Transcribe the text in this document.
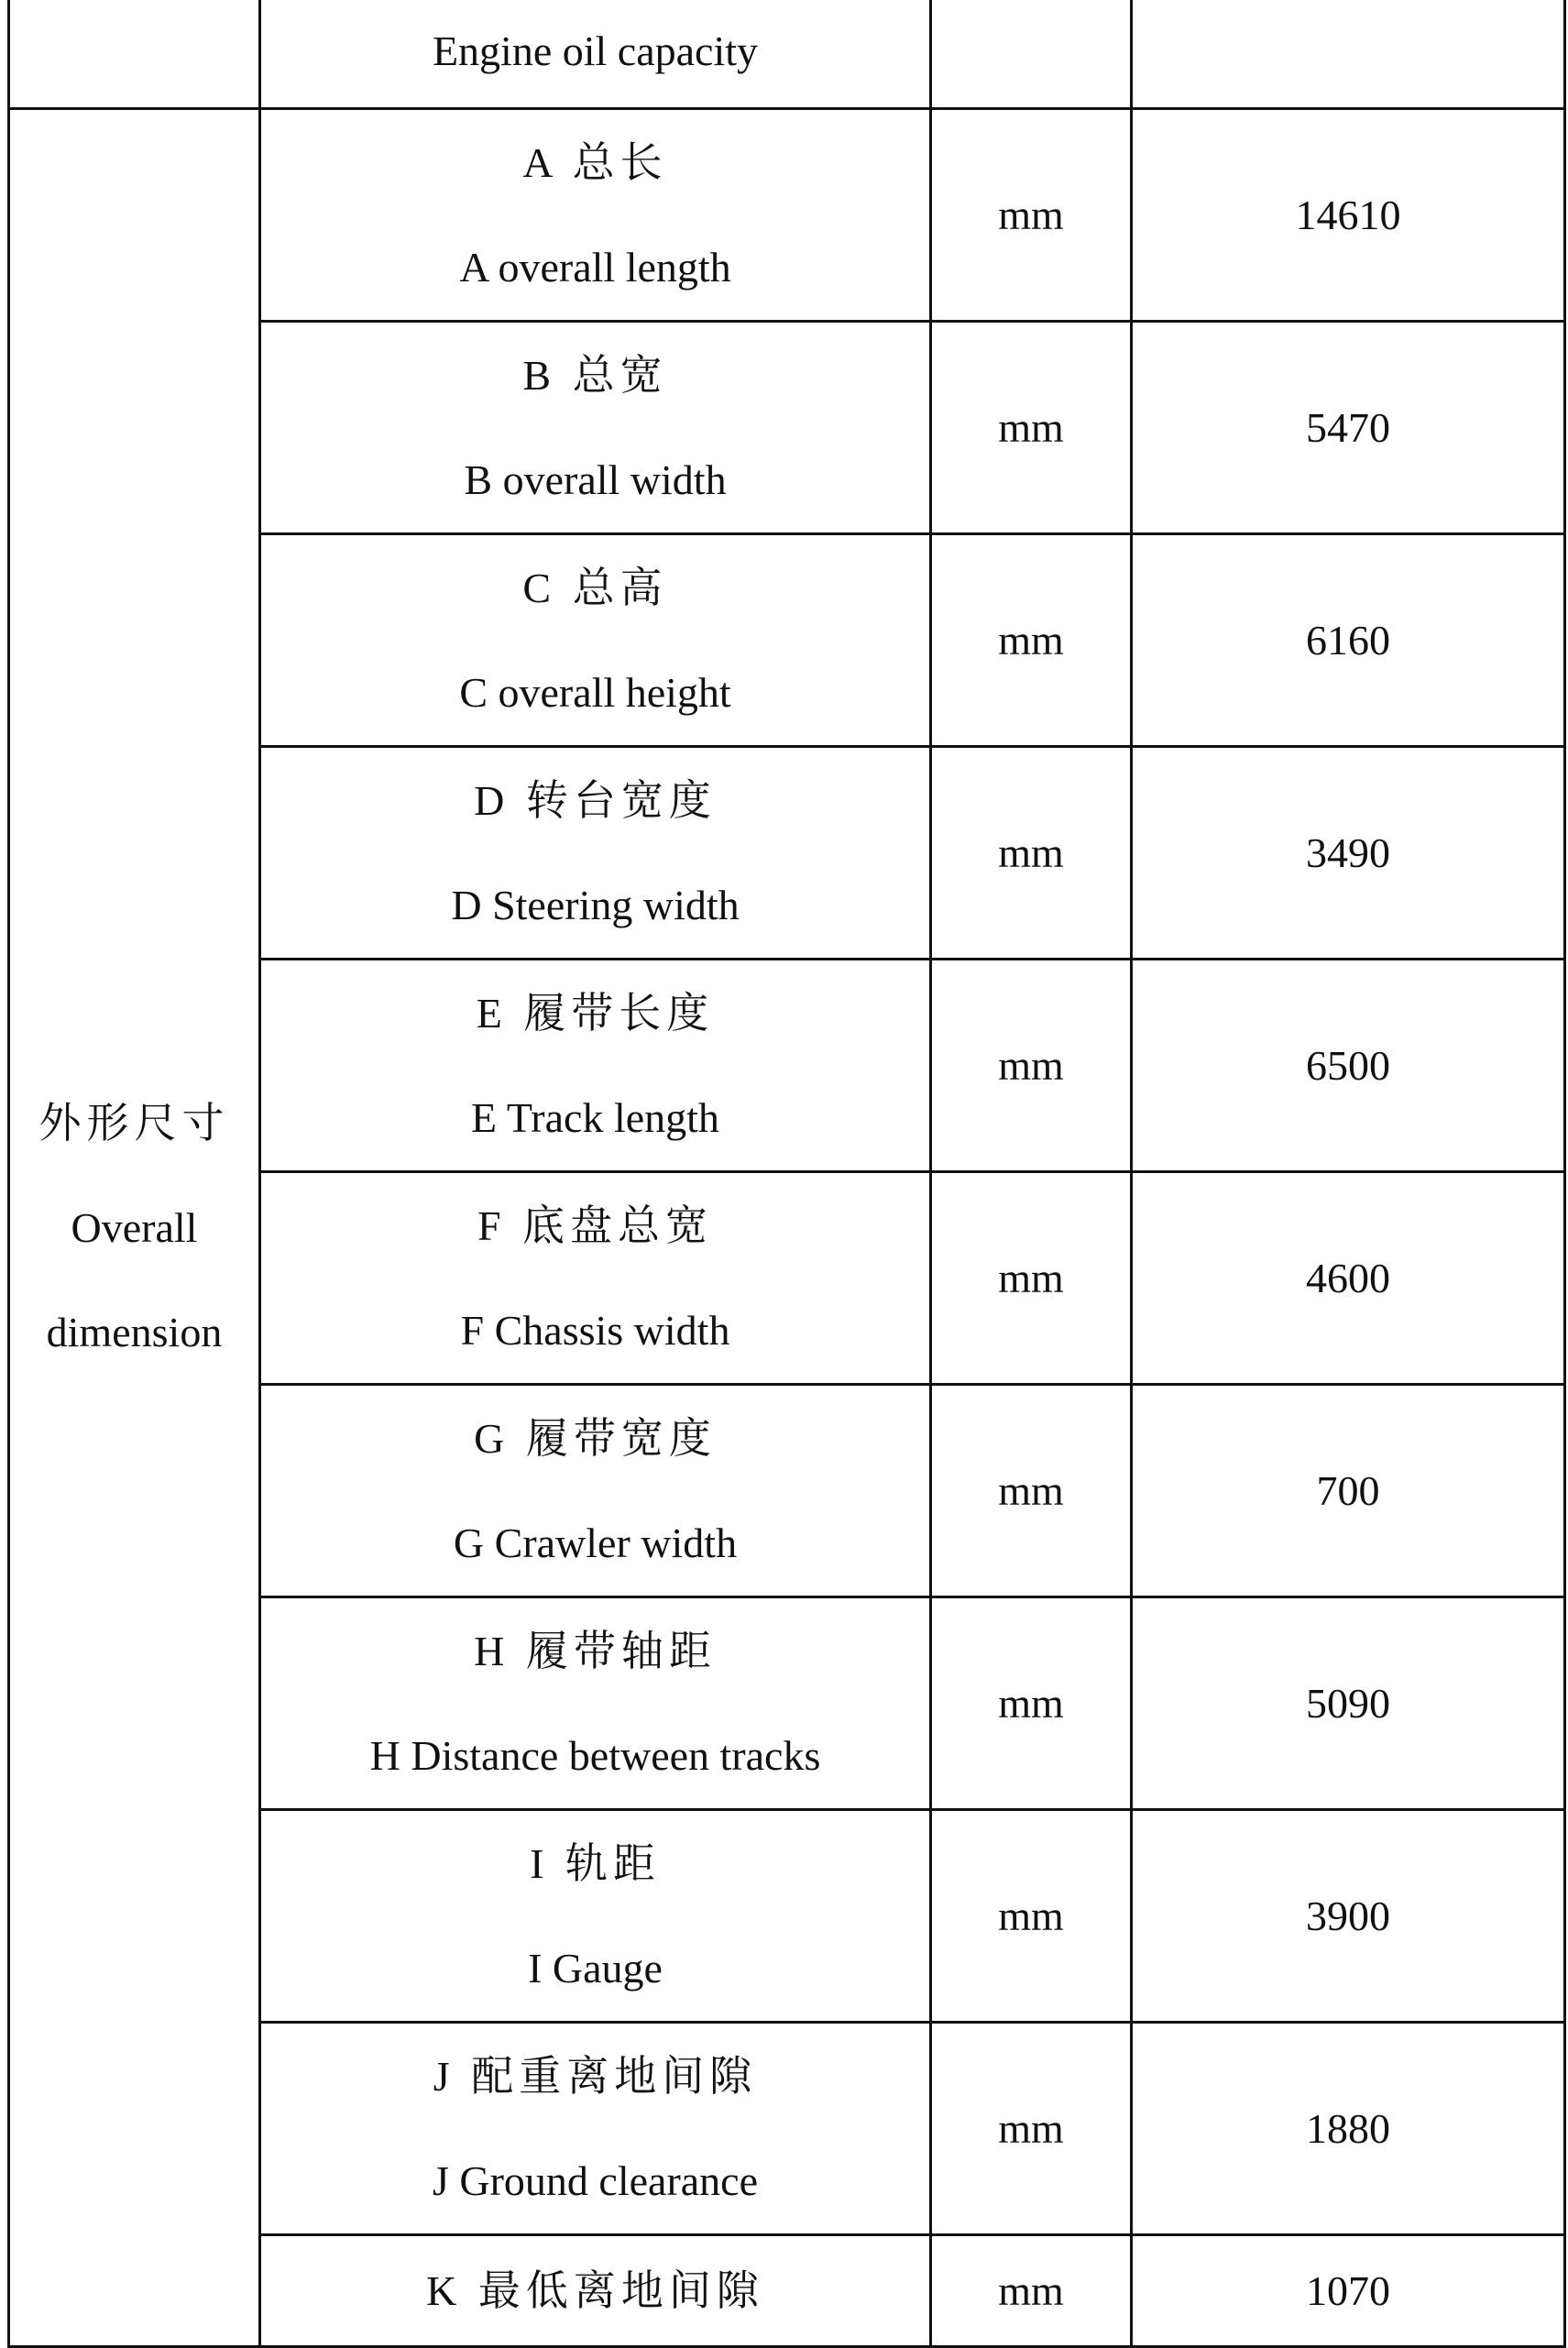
	Engine oil capacity		

外形尺寸
Overall
dimension	A 总长
A overall length	mm	14610

	B 总宽
B overall width	mm	5470

	C 总高
C overall height	mm	6160

	D 转台宽度
D Steering width	mm	3490

	E 履带长度
E Track length	mm	6500

	F 底盘总宽
F Chassis width	mm	4600

	G 履带宽度
G Crawler width	mm	700

	H 履带轴距
H Distance between tracks	mm	5090

	I 轨距
I Gauge	mm	3900

	J 配重离地间隙
J Ground clearance	mm	1880

	K 最低离地间隙	mm	1070
